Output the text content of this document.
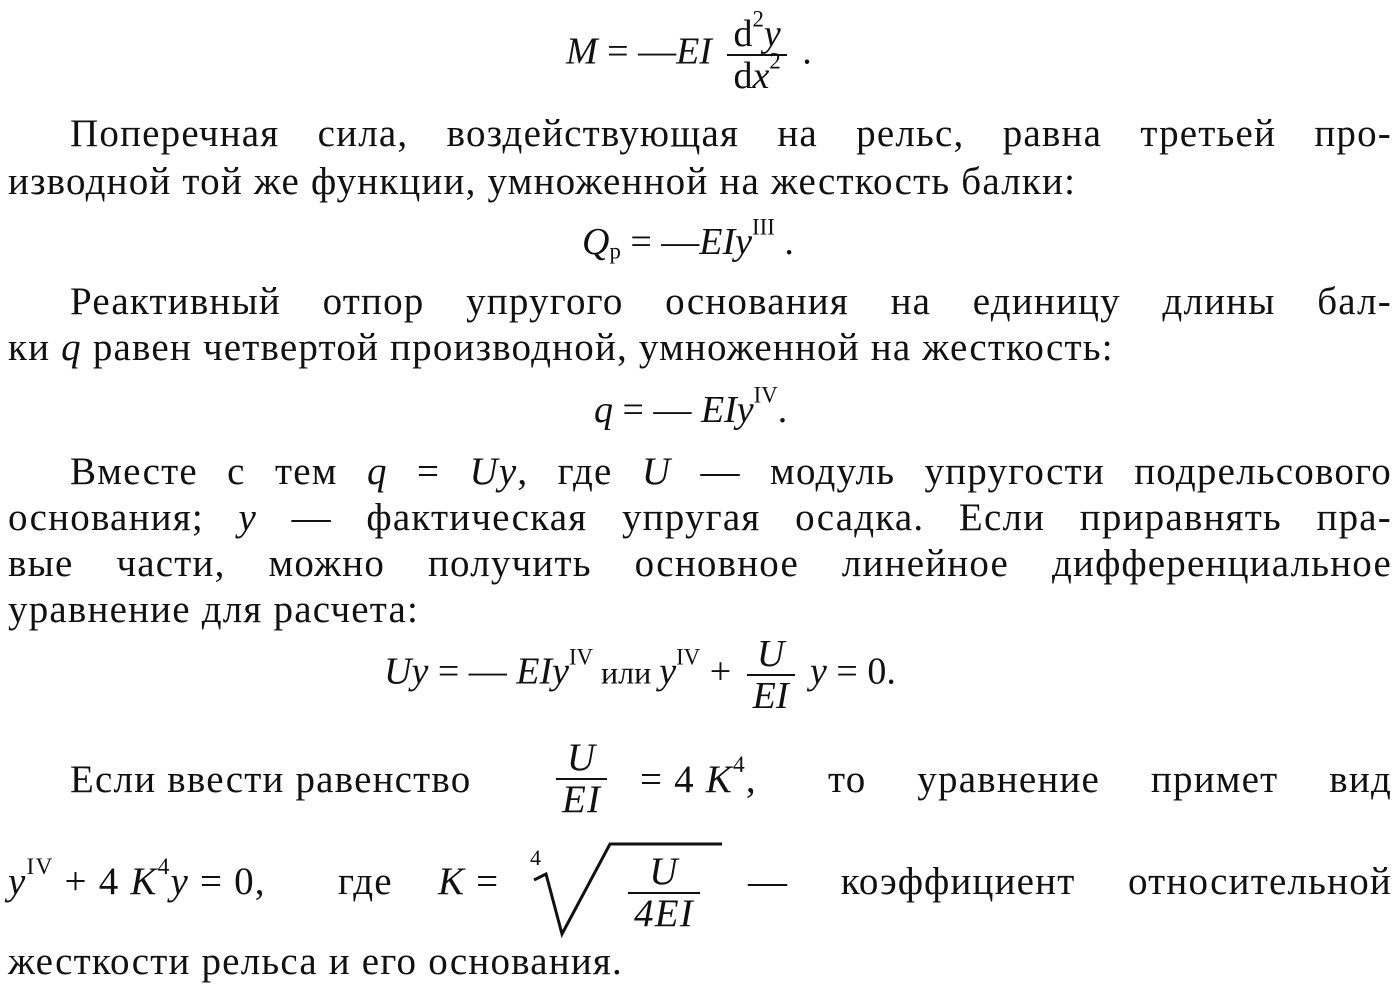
M = —EI $\frac{d^2y}{dx^2}$ .
Поперечная сила, воздействующая на рельс, равна третьей про-
изводной той же функции, умноженной на жесткость балки:
$Q_р$ = —EIy$^{III}$ .
Реактивный отпор упругого основания на единицу длины бал-
ки q равен четвертой производной, умноженной на жесткость:
q = — EIy$^{IV}$.
Вместе с тем q = Uy, где U — модуль упругости подрельсового
основания; y — фактическая упругая осадка. Если приравнять пра-
вые части, можно получить основное линейное дифференциальное
уравнение для расчета:
Uy = — EIy$^{IV}$ или $y^{IV} + \frac{U}{EI}$ y = 0.
Если ввести равенство $\frac{U}{EI} = 4$ $K^4$, то уравнение примет вид
$y^{IV} + 4$ $K^4y = 0$, где K =
$4 \frac{U}{4EI}$ — коэффициент относительной
жесткости рельса и его основания.
